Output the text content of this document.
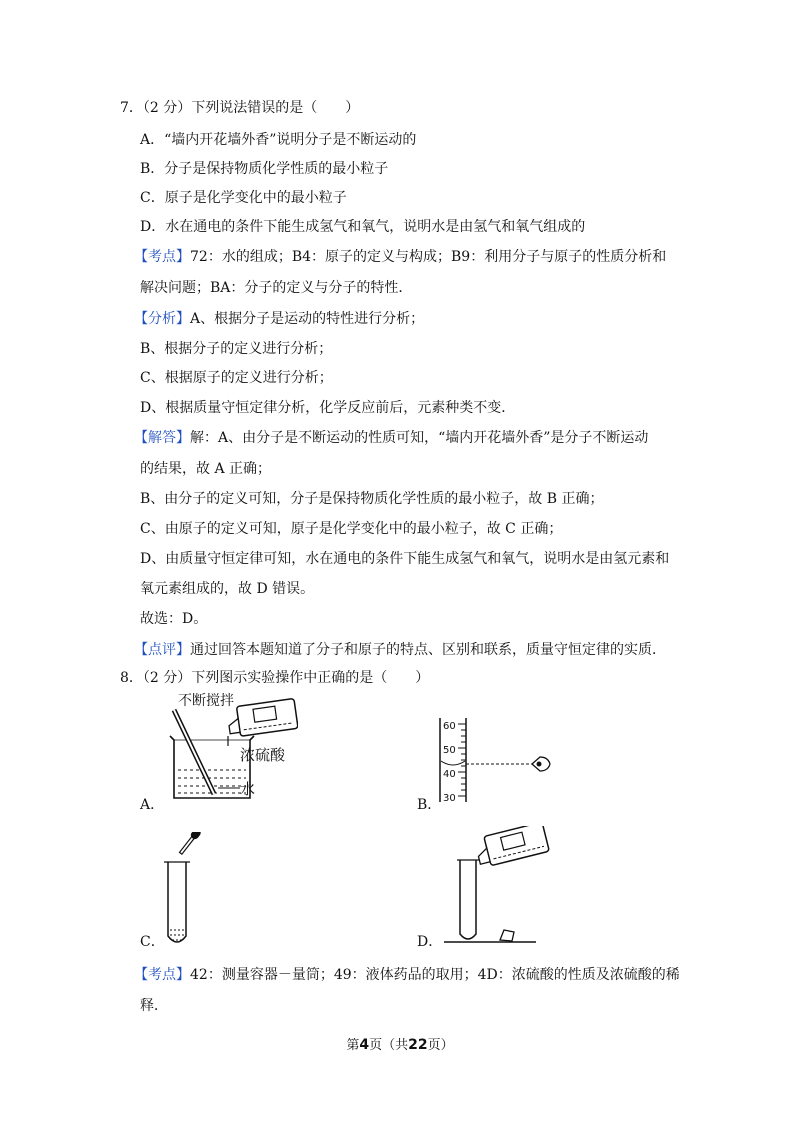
7．（2 分）下列说法错误的是（　　）
A．“墙内开花墙外香”说明分子是不断运动的
B．分子是保持物质化学性质的最小粒子
C．原子是化学变化中的最小粒子
D．水在通电的条件下能生成氢气和氧气，说明水是由氢气和氧气组成的
【考点】72：水的组成；B4：原子的定义与构成；B9：利用分子与原子的性质分析和
解决问题；BA：分子的定义与分子的特性．
【分析】A、根据分子是运动的特性进行分析；
B、根据分子的定义进行分析；
C、根据原子的定义进行分析；
D、根据质量守恒定律分析，化学反应前后，元素种类不变．
【解答】解：A、由分子是不断运动的性质可知，“墙内开花墙外香”是分子不断运动
的结果，故 A 正确；
B、由分子的定义可知，分子是保持物质化学性质的最小粒子，故 B 正确；
C、由原子的定义可知，原子是化学变化中的最小粒子，故 C 正确；
D、由质量守恒定律可知，水在通电的条件下能生成氢气和氧气，说明水是由氢元素和
氧元素组成的，故 D 错误。
故选：D。
【点评】通过回答本题知道了分子和原子的特点、区别和联系，质量守恒定律的实质．
8．（2 分）下列图示实验操作中正确的是（　　）
A．
不断搅拌
浓硫酸
水
B．
60
50
40
30
C．	D．
【考点】42：测量容器－量筒；49：液体药品的取用；4D：浓硫酸的性质及浓硫酸的稀
释．
第4页（共22页）
